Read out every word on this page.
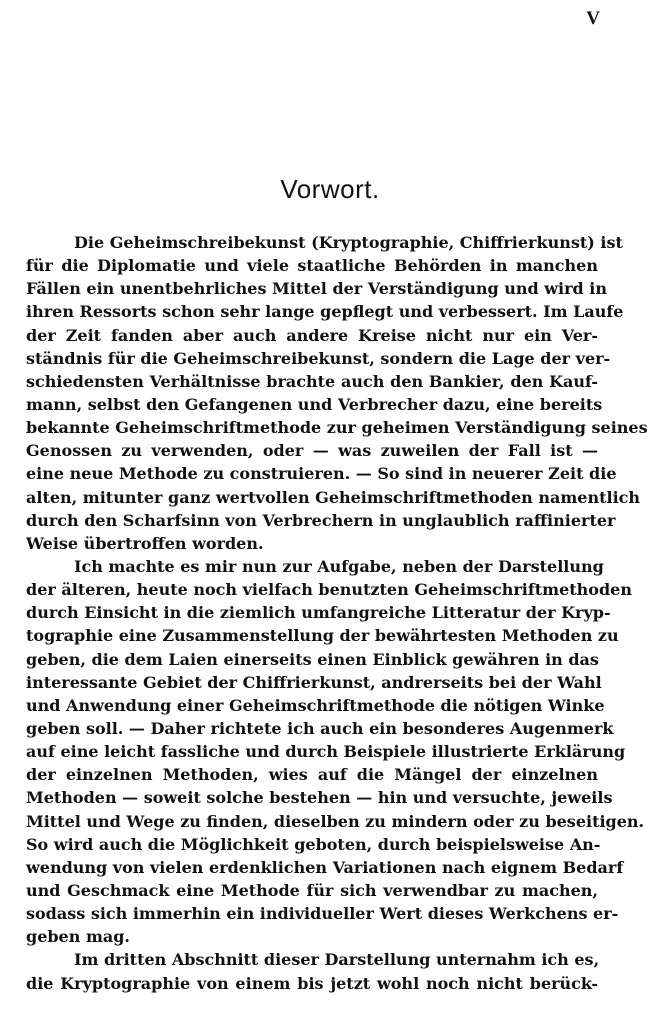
V
Vorwort.
Die Geheimschreibekunst (Kryptographie, Chiffrierkunst) ist
für die Diplomatie und viele staatliche Behörden in manchen
Fällen ein unentbehrliches Mittel der Verständigung und wird in
ihren Ressorts schon sehr lange gepflegt und verbessert. Im Laufe
der Zeit fanden aber auch andere Kreise nicht nur ein Ver-
ständnis für die Geheimschreibekunst, sondern die Lage der ver-
schiedensten Verhältnisse brachte auch den Bankier, den Kauf-
mann, selbst den Gefangenen und Verbrecher dazu, eine bereits
bekannte Geheimschriftmethode zur geheimen Verständigung seines
Genossen zu verwenden, oder — was zuweilen der Fall ist —
eine neue Methode zu construieren. — So sind in neuerer Zeit die
alten, mitunter ganz wertvollen Geheimschriftmethoden namentlich
durch den Scharfsinn von Verbrechern in unglaublich raffinierter
Weise übertroffen worden.
Ich machte es mir nun zur Aufgabe, neben der Darstellung
der älteren, heute noch vielfach benutzten Geheimschriftmethoden
durch Einsicht in die ziemlich umfangreiche Litteratur der Kryp-
tographie eine Zusammenstellung der bewährtesten Methoden zu
geben, die dem Laien einerseits einen Einblick gewähren in das
interessante Gebiet der Chiffrierkunst, andrerseits bei der Wahl
und Anwendung einer Geheimschriftmethode die nötigen Winke
geben soll. — Daher richtete ich auch ein besonderes Augenmerk
auf eine leicht fassliche und durch Beispiele illustrierte Erklärung
der einzelnen Methoden, wies auf die Mängel der einzelnen
Methoden — soweit solche bestehen — hin und versuchte, jeweils
Mittel und Wege zu finden, dieselben zu mindern oder zu beseitigen.
So wird auch die Möglichkeit geboten, durch beispielsweise An-
wendung von vielen erdenklichen Variationen nach eignem Bedarf
und Geschmack eine Methode für sich verwendbar zu machen,
sodass sich immerhin ein individueller Wert dieses Werkchens er-
geben mag.
Im dritten Abschnitt dieser Darstellung unternahm ich es,
die Kryptographie von einem bis jetzt wohl noch nicht berück-
